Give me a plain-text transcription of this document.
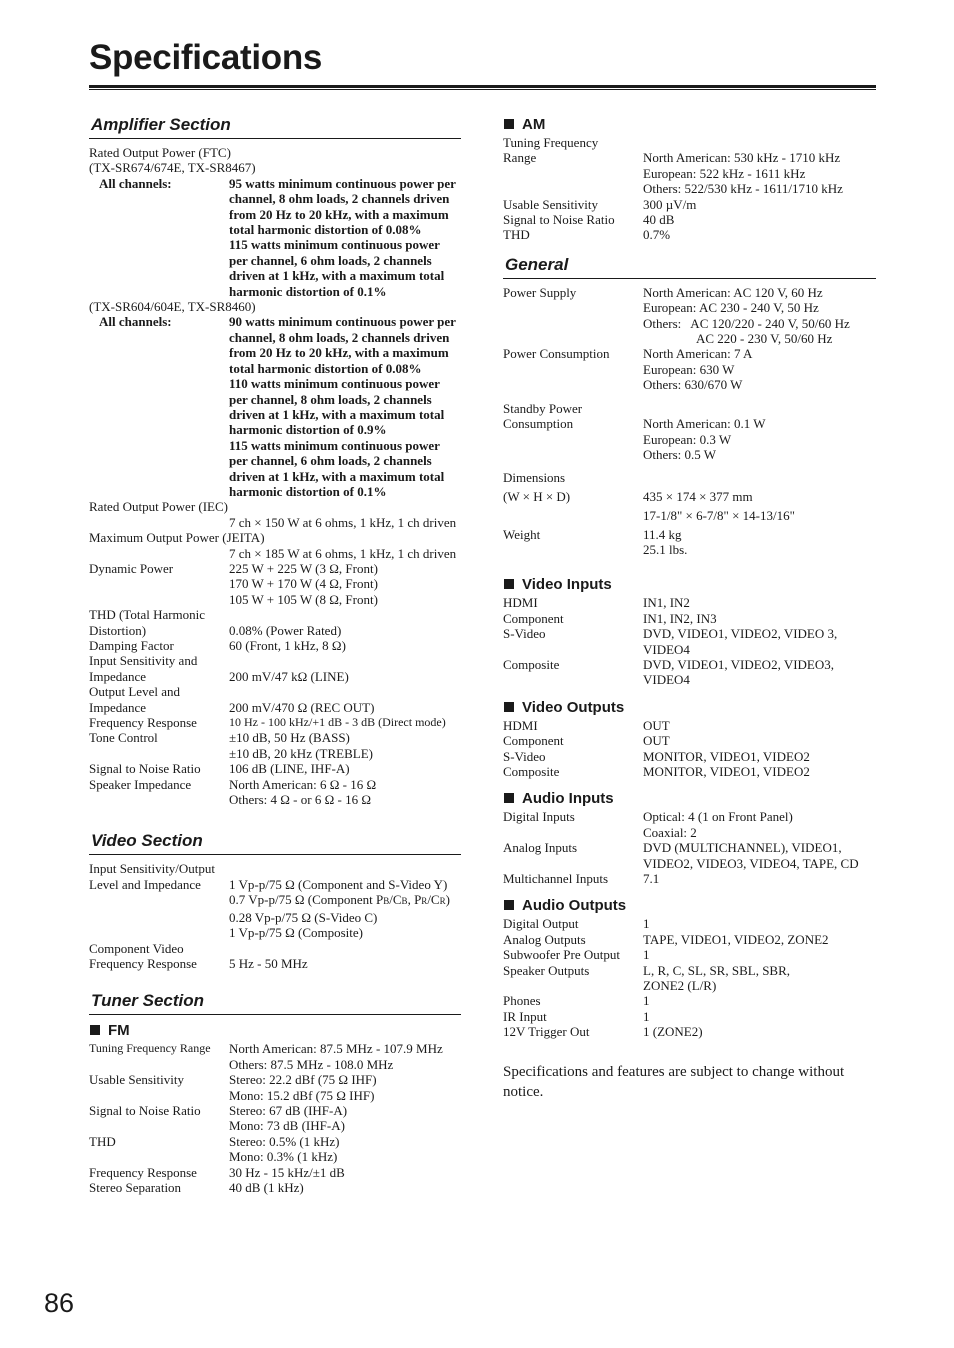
Specifications
Amplifier Section
Rated Output Power (FTC)
(TX-SR674/674E, TX-SR8467)
All channels:	95 watts minimum continuous power per channel, 8 ohm loads, 2 channels driven from 20 Hz to 20 kHz, with a maximum total harmonic distortion of 0.08%
115 watts minimum continuous power per channel, 6 ohm loads, 2 channels driven at 1 kHz, with a maximum total harmonic distortion of 0.1%
(TX-SR604/604E, TX-SR8460)
All channels:	90 watts minimum continuous power per channel, 8 ohm loads, 2 channels driven from 20 Hz to 20 kHz, with a maximum total harmonic distortion of 0.08%
110 watts minimum continuous power per channel, 8 ohm loads, 2 channels driven at 1 kHz, with a maximum total harmonic distortion of 0.9%
115 watts minimum continuous power per channel, 6 ohm loads, 2 channels driven at 1 kHz, with a maximum total harmonic distortion of 0.1%
Rated Output Power (IEC)
7 ch × 150 W at 6 ohms, 1 kHz, 1 ch driven
Maximum Output Power (JEITA)
7 ch × 185 W at 6 ohms, 1 kHz, 1 ch driven
Dynamic Power	225 W + 225 W (3 Ω, Front)
170 W + 170 W (4 Ω, Front)
105 W + 105 W (8 Ω, Front)
THD (Total Harmonic
Distortion)
	0.08% (Power Rated)
Damping Factor	60 (Front, 1 kHz, 8 Ω)
Input Sensitivity and
Impedance
	200 mV/47 kΩ (LINE)
Output Level and
Impedance
	200 mV/470 Ω (REC OUT)
Frequency Response	10 Hz - 100 kHz/+1 dB - 3 dB (Direct mode)
Tone Control	±10 dB, 50 Hz (BASS)
±10 dB, 20 kHz (TREBLE)
Signal to Noise Ratio	106 dB (LINE, IHF-A)
Speaker Impedance	North American: 6 Ω - 16 Ω
Others: 4 Ω - or 6 Ω - 16 Ω
Video Section
Input Sensitivity/Output
Level and Impedance	1 Vp-p/75 Ω (Component and S-Video Y)
0.7 Vp-p/75 Ω (Component PB/CB, PR/CR)
0.28 Vp-p/75 Ω (S-Video C)
1 Vp-p/75 Ω (Composite)
Component Video
Frequency Response
	5 Hz - 50 MHz
Tuner Section
FM
Tuning Frequency Range	North American: 87.5 MHz - 107.9 MHz
Others: 87.5 MHz - 108.0 MHz
Usable Sensitivity	Stereo: 22.2 dBf (75 Ω IHF)
Mono: 15.2 dBf (75 Ω IHF)
Signal to Noise Ratio	Stereo: 67 dB (IHF-A)
Mono: 73 dB (IHF-A)
THD	Stereo: 0.5% (1 kHz)
Mono: 0.3% (1 kHz)
Frequency Response	30 Hz - 15 kHz/±1 dB
Stereo Separation	40 dB (1 kHz)
AM
Tuning Frequency
Range
	North American: 530 kHz - 1710 kHz
European: 522 kHz - 1611 kHz
Others: 522/530 kHz - 1611/1710 kHz
Usable Sensitivity	300 µV/m
Signal to Noise Ratio	40 dB
THD	0.7%
General
Power Supply	North American: AC 120 V, 60 Hz
European: AC 230 - 240 V, 50 Hz
Others:   AC 120/220 - 240 V, 50/60 Hz
AC 220 - 230 V, 50/60 Hz
Power Consumption	North American: 7 A
European: 630 W
Others: 630/670 W
Standby Power
Consumption
	North American: 0.1 W
European: 0.3 W
Others: 0.5 W
Dimensions
(W × H × D)
	435 × 174 × 377 mm
17-1/8" × 6-7/8" × 14-13/16"
Weight	11.4 kg
25.1 lbs.
Video Inputs
HDMI	IN1, IN2
Component	IN1, IN2, IN3
S-Video	DVD, VIDEO1, VIDEO2, VIDEO 3,
VIDEO4
Composite	DVD, VIDEO1, VIDEO2, VIDEO3,
VIDEO4
Video Outputs
HDMI	OUT
Component	OUT
S-Video	MONITOR, VIDEO1, VIDEO2
Composite	MONITOR, VIDEO1, VIDEO2
Audio Inputs
Digital Inputs	Optical: 4 (1 on Front Panel)
Coaxial: 2
Analog Inputs	DVD (MULTICHANNEL), VIDEO1,
VIDEO2, VIDEO3, VIDEO4, TAPE, CD
Multichannel Inputs	7.1
Audio Outputs
Digital Output	1
Analog Outputs	TAPE, VIDEO1, VIDEO2, ZONE2
Subwoofer Pre Output	1
Speaker Outputs	L, R, C, SL, SR, SBL, SBR,
ZONE2 (L/R)
Phones	1
IR Input	1
12V Trigger Out	1 (ZONE2)
Specifications and features are subject to change without notice.
86
